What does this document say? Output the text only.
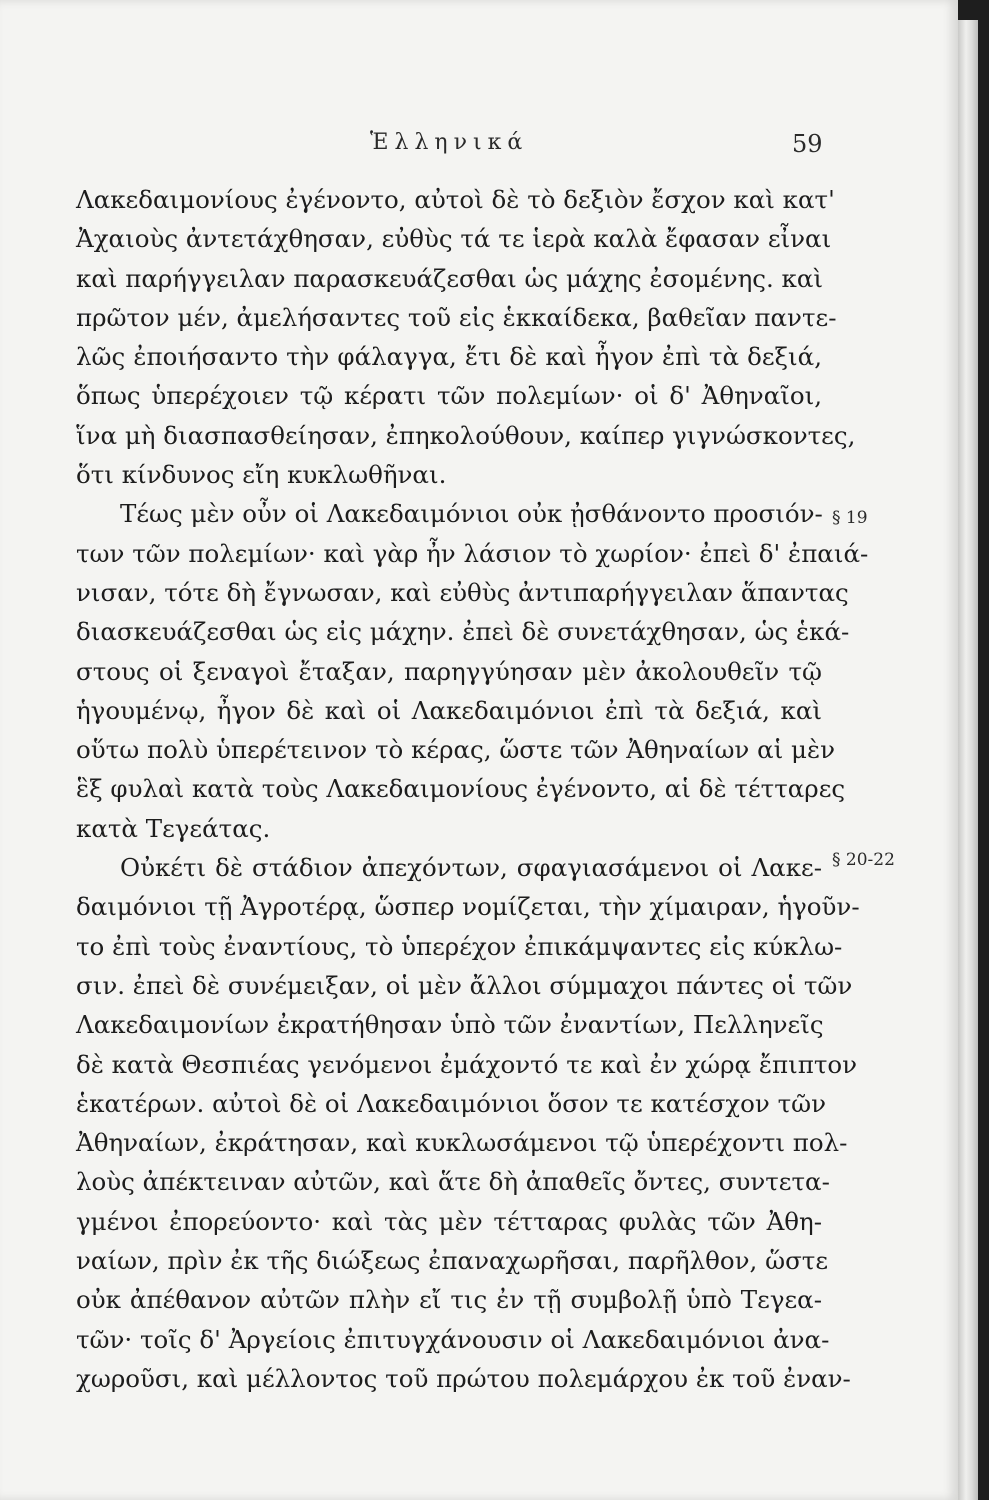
Ἑλληνικά	59
Λακεδαιμονίους ἐγένοντο, αὐτοὶ δὲ τὸ δεξιὸν ἔσχον καὶ κατ'
Ἀχαιοὺς ἀντετάχθησαν, εὐθὺς τά τε ἱερὰ καλὰ ἔφασαν εἶναι
καὶ παρήγγειλαν παρασκευάζεσθαι ὡς μάχης ἐσομένης. καὶ
πρῶτον μέν, ἀμελήσαντες τοῦ εἰς ἑκκαίδεκα, βαθεῖαν παντε-
λῶς ἐποιήσαντο τὴν φάλαγγα, ἔτι δὲ καὶ ἦγον ἐπὶ τὰ δεξιά,
ὅπως ὑπερέχοιεν τῷ κέρατι τῶν πολεμίων· οἱ δ' Ἀθηναῖοι,
ἵνα μὴ διασπασθείησαν, ἐπηκολούθουν, καίπερ γιγνώσκοντες,
ὅτι κίνδυνος εἴη κυκλωθῆναι.
Τέως μὲν οὖν οἱ Λακεδαιμόνιοι οὐκ ᾐσθάνοντο προσιόν-
των τῶν πολεμίων· καὶ γὰρ ἦν λάσιον τὸ χωρίον· ἐπεὶ δ' ἐπαιά-
νισαν, τότε δὴ ἔγνωσαν, καὶ εὐθὺς ἀντιπαρήγγειλαν ἅπαντας
διασκευάζεσθαι ὡς εἰς μάχην. ἐπεὶ δὲ συνετάχθησαν, ὡς ἑκά-
στους οἱ ξεναγοὶ ἔταξαν, παρηγγύησαν μὲν ἀκολουθεῖν τῷ
ἡγουμένῳ, ἦγον δὲ καὶ οἱ Λακεδαιμόνιοι ἐπὶ τὰ δεξιά, καὶ
οὕτω πολὺ ὑπερέτεινον τὸ κέρας, ὥστε τῶν Ἀθηναίων αἱ μὲν
ἓξ φυλαὶ κατὰ τοὺς Λακεδαιμονίους ἐγένοντο, αἱ δὲ τέτταρες
κατὰ Τεγεάτας.
Οὐκέτι δὲ στάδιον ἀπεχόντων, σφαγιασάμενοι οἱ Λακε-
δαιμόνιοι τῇ Ἀγροτέρᾳ, ὥσπερ νομίζεται, τὴν χίμαιραν, ἡγοῦν-
το ἐπὶ τοὺς ἐναντίους, τὸ ὑπερέχον ἐπικάμψαντες εἰς κύκλω-
σιν. ἐπεὶ δὲ συνέμειξαν, οἱ μὲν ἄλλοι σύμμαχοι πάντες οἱ τῶν
Λακεδαιμονίων ἐκρατήθησαν ὑπὸ τῶν ἐναντίων, Πελληνεῖς
δὲ κατὰ Θεσπιέας γενόμενοι ἐμάχοντό τε καὶ ἐν χώρᾳ ἔπιπτον
ἑκατέρων. αὐτοὶ δὲ οἱ Λακεδαιμόνιοι ὅσον τε κατέσχον τῶν
Ἀθηναίων, ἐκράτησαν, καὶ κυκλωσάμενοι τῷ ὑπερέχοντι πολ-
λοὺς ἀπέκτειναν αὐτῶν, καὶ ἅτε δὴ ἀπαθεῖς ὄντες, συντετα-
γμένοι ἐπορεύοντο· καὶ τὰς μὲν τέτταρας φυλὰς τῶν Ἀθη-
ναίων, πρὶν ἐκ τῆς διώξεως ἐπαναχωρῆσαι, παρῆλθον, ὥστε
οὐκ ἀπέθανον αὐτῶν πλὴν εἴ τις ἐν τῇ συμβολῇ ὑπὸ Τεγεα-
τῶν· τοῖς δ' Ἀργείοις ἐπιτυγχάνουσιν οἱ Λακεδαιμόνιοι ἀνα-
χωροῦσι, καὶ μέλλοντος τοῦ πρώτου πολεμάρχου ἐκ τοῦ ἐναν-
§ 19
§ 20-22
